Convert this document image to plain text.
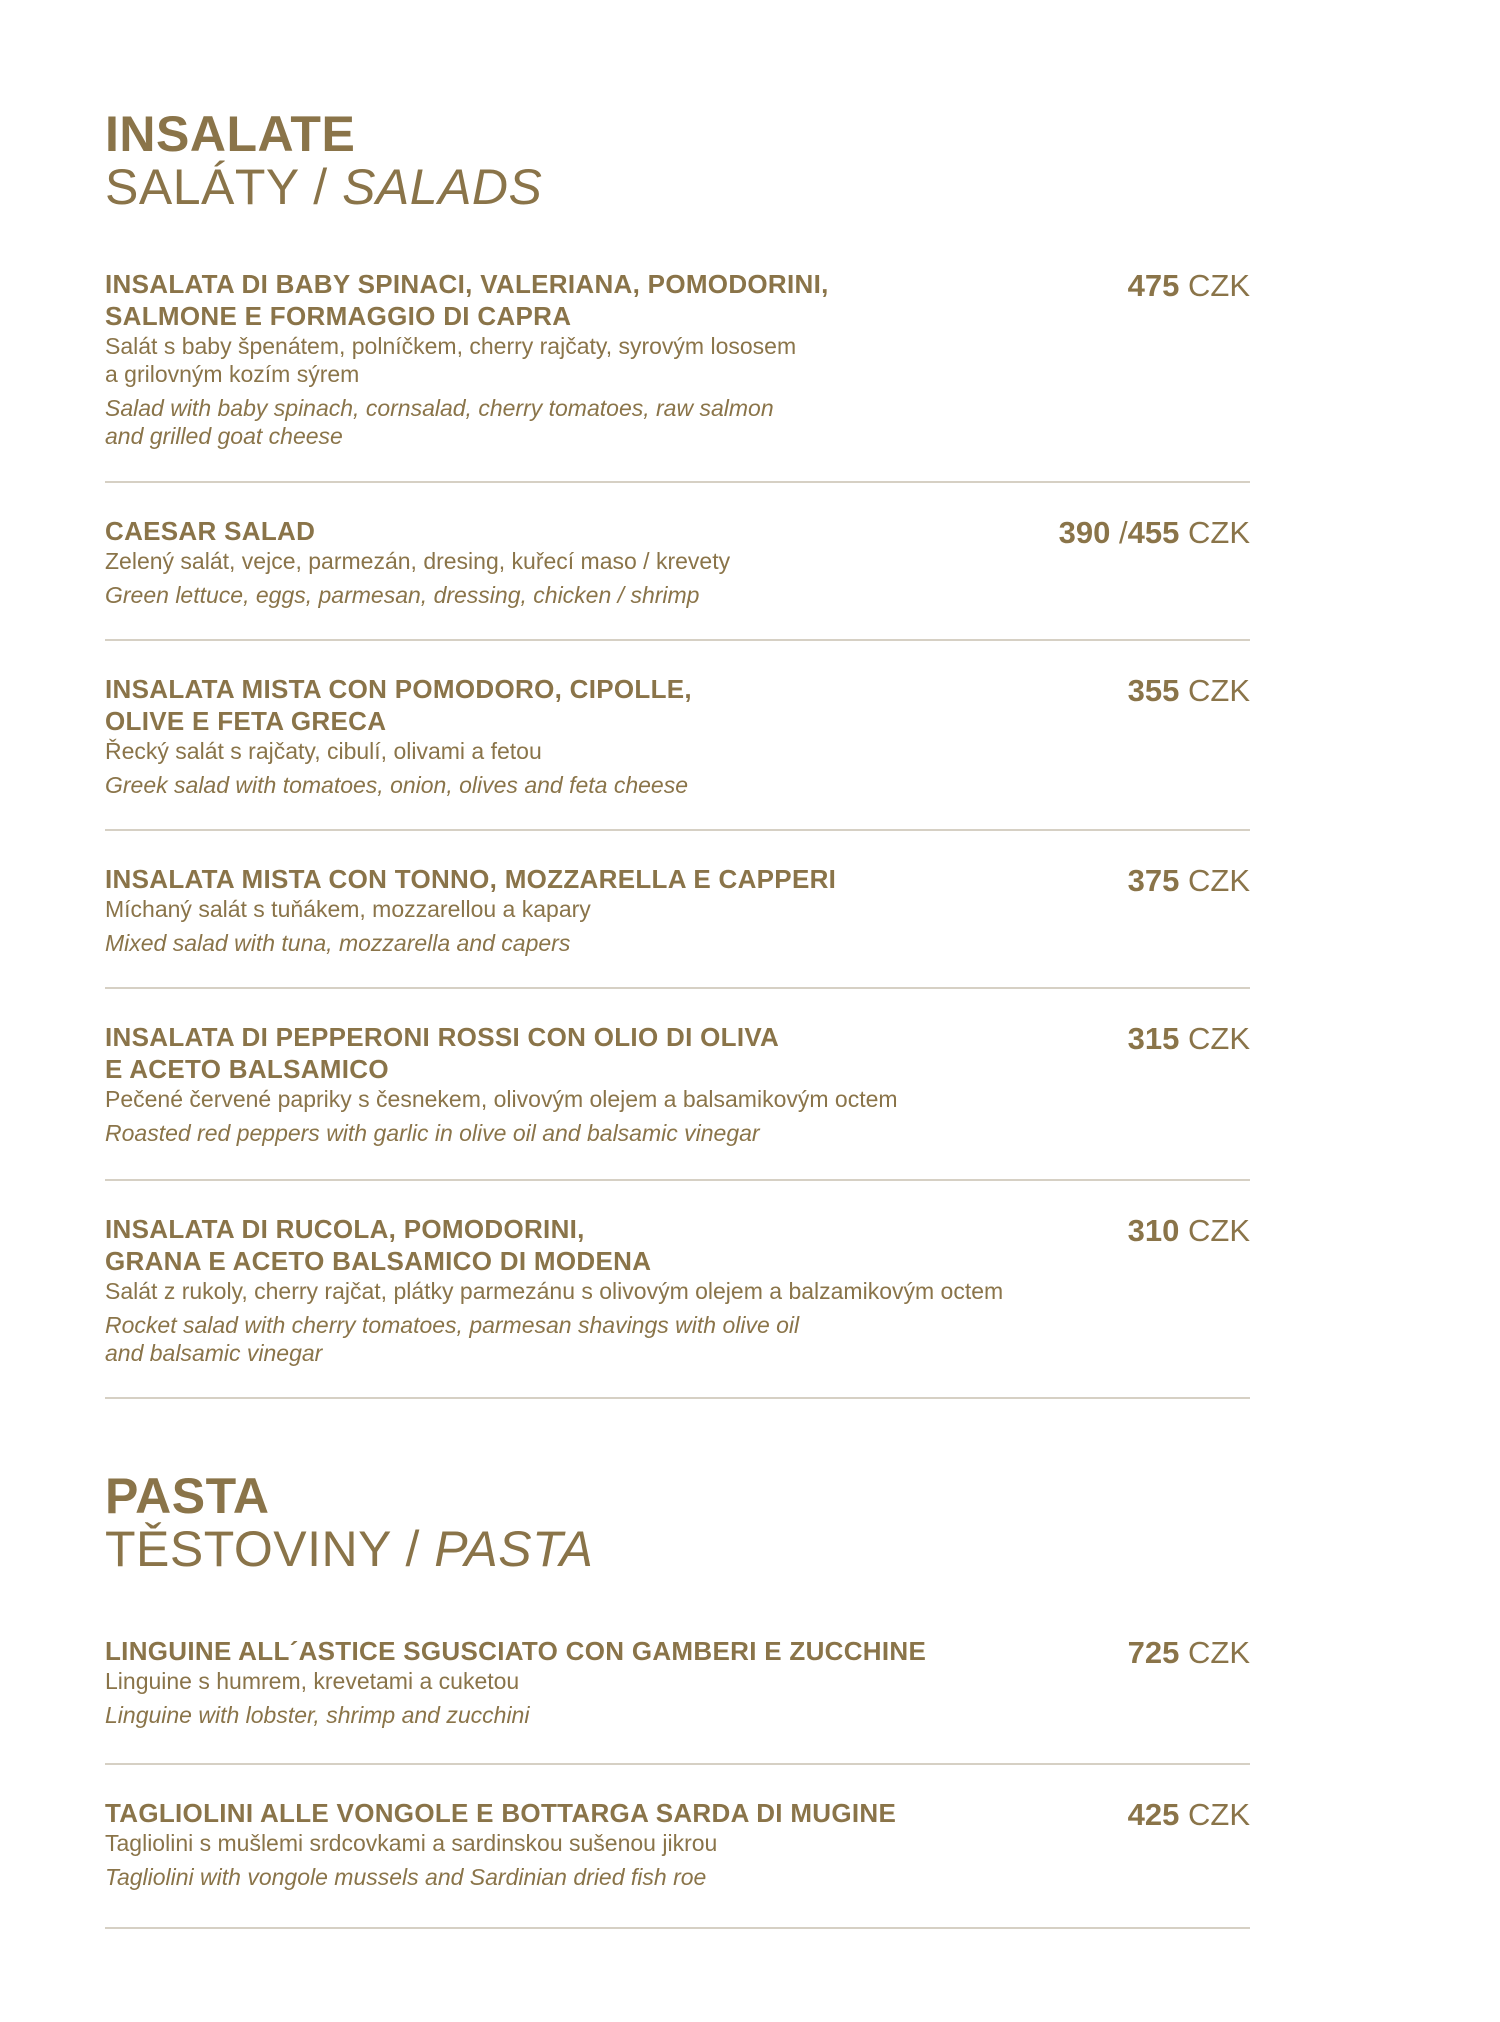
INSALATE
SALÁTY / SALADS
INSALATA DI BABY SPINACI, VALERIANA, POMODORINI,
SALMONE E FORMAGGIO DI CAPRA
Salát s baby špenátem, polníčkem, cherry rajčaty, syrovým lososem
a grilovným kozím sýrem
Salad with baby spinach, cornsalad, cherry tomatoes, raw salmon
and grilled goat cheese
475 CZK
CAESAR SALAD
Zelený salát, vejce, parmezán, dresing, kuřecí maso / krevety
Green lettuce, eggs, parmesan, dressing, chicken / shrimp
390 /455 CZK
INSALATA MISTA CON POMODORO, CIPOLLE,
OLIVE E FETA GRECA
Řecký salát s rajčaty, cibulí, olivami a fetou
Greek salad with tomatoes, onion, olives and feta cheese
355 CZK
INSALATA MISTA CON TONNO, MOZZARELLA E CAPPERI
Míchaný salát s tuňákem, mozzarellou a kapary
Mixed salad with tuna, mozzarella and capers
375 CZK
INSALATA DI PEPPERONI ROSSI CON OLIO DI OLIVA
E ACETO BALSAMICO
Pečené červené papriky s česnekem, olivovým olejem a balsamikovým octem
Roasted red peppers with garlic in olive oil and balsamic vinegar
315 CZK
INSALATA DI RUCOLA, POMODORINI,
GRANA E ACETO BALSAMICO DI MODENA
Salát z rukoly, cherry rajčat, plátky parmezánu s olivovým olejem a balzamikovým octem
Rocket salad with cherry tomatoes, parmesan shavings with olive oil
and balsamic vinegar
310 CZK
PASTA
TĚSTOVINY / PASTA
LINGUINE ALL´ASTICE SGUSCIATO CON GAMBERI E ZUCCHINE
Linguine s humrem, krevetami a cuketou
Linguine with lobster, shrimp and zucchini
725 CZK
TAGLIOLINI ALLE VONGOLE E BOTTARGA SARDA DI MUGINE
Tagliolini s mušlemi srdcovkami a sardinskou sušenou jikrou
Tagliolini with vongole mussels and Sardinian dried fish roe
425 CZK
